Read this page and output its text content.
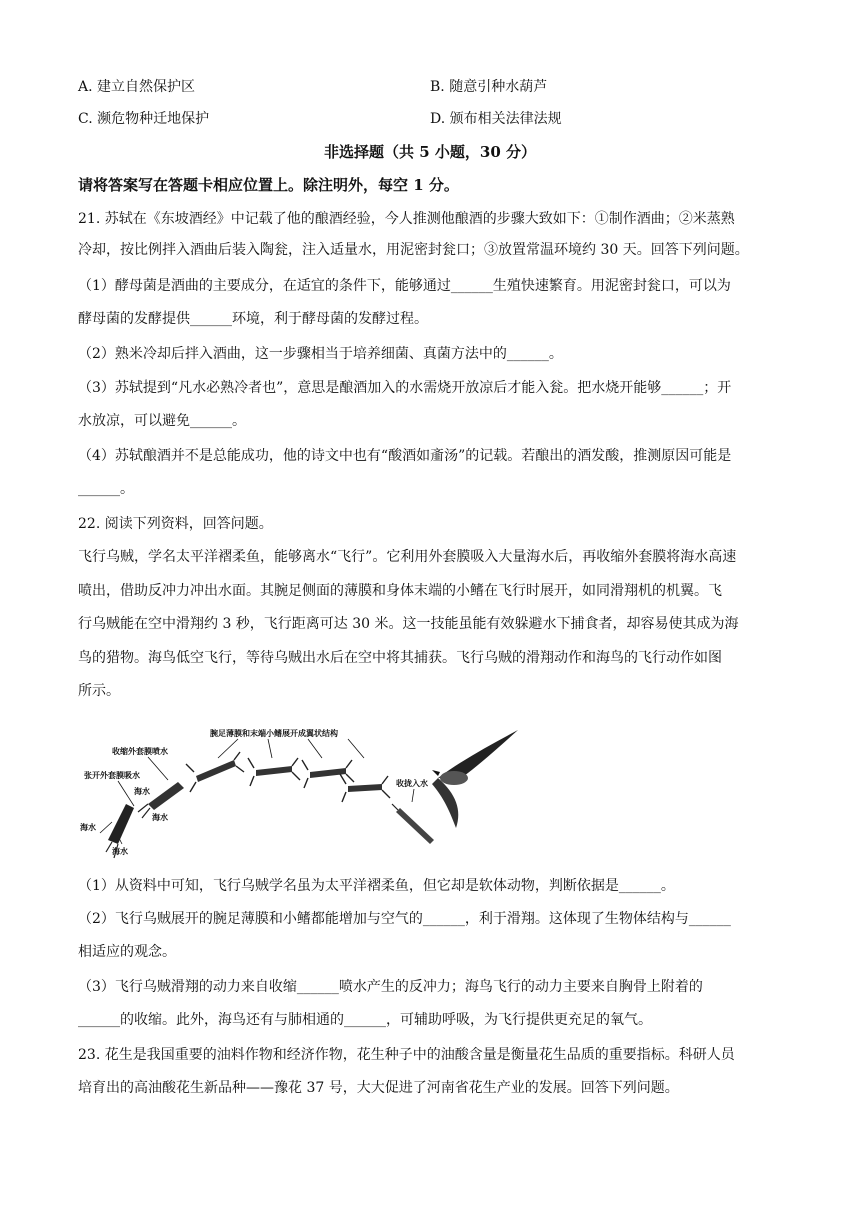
A. 建立自然保护区	B. 随意引种水葫芦
C. 濒危物种迁地保护	D. 颁布相关法律法规
非选择题（共 5 小题，30 分）
请将答案写在答题卡相应位置上。除注明外，每空 1 分。
21. 苏轼在《东坡酒经》中记载了他的酿酒经验，今人推测他酿酒的步骤大致如下：①制作酒曲；②米蒸熟
冷却，按比例拌入酒曲后装入陶瓮，注入适量水，用泥密封瓮口；③放置常温环境约 30 天。回答下列问题。
（1）酵母菌是酒曲的主要成分，在适宜的条件下，能够通过______生殖快速繁育。用泥密封瓮口，可以为
酵母菌的发酵提供______环境，利于酵母菌的发酵过程。
（2）熟米冷却后拌入酒曲，这一步骤相当于培养细菌、真菌方法中的______。
（3）苏轼提到“凡水必熟冷者也”，意思是酿酒加入的水需烧开放凉后才能入瓮。把水烧开能够______；开
水放凉，可以避免______。
（4）苏轼酿酒并不是总能成功，他的诗文中也有“酸酒如齑汤”的记载。若酿出的酒发酸，推测原因可能是
______。
22. 阅读下列资料，回答问题。
飞行乌贼，学名太平洋褶柔鱼，能够离水“飞行”。它利用外套膜吸入大量海水后，再收缩外套膜将海水高速
喷出，借助反冲力冲出水面。其腕足侧面的薄膜和身体末端的小鳍在飞行时展开，如同滑翔机的机翼。飞
行乌贼能在空中滑翔约 3 秒，飞行距离可达 30 米。这一技能虽能有效躲避水下捕食者，却容易使其成为海
鸟的猎物。海鸟低空飞行，等待乌贼出水后在空中将其捕获。飞行乌贼的滑翔动作和海鸟的飞行动作如图
所示。
腕足薄膜和末端小鳍展开成翼状结构
收缩外套膜喷水
张开外套膜吸水
收拢入水
海水
海水
海水
海水
（1）从资料中可知，飞行乌贼学名虽为太平洋褶柔鱼，但它却是软体动物，判断依据是______。
（2）飞行乌贼展开的腕足薄膜和小鳍都能增加与空气的______，利于滑翔。这体现了生物体结构与______
相适应的观念。
（3）飞行乌贼滑翔的动力来自收缩______喷水产生的反冲力；海鸟飞行的动力主要来自胸骨上附着的
______的收缩。此外，海鸟还有与肺相通的______，可辅助呼吸，为飞行提供更充足的氧气。
23. 花生是我国重要的油料作物和经济作物，花生种子中的油酸含量是衡量花生品质的重要指标。科研人员
培育出的高油酸花生新品种——豫花 37 号，大大促进了河南省花生产业的发展。回答下列问题。
